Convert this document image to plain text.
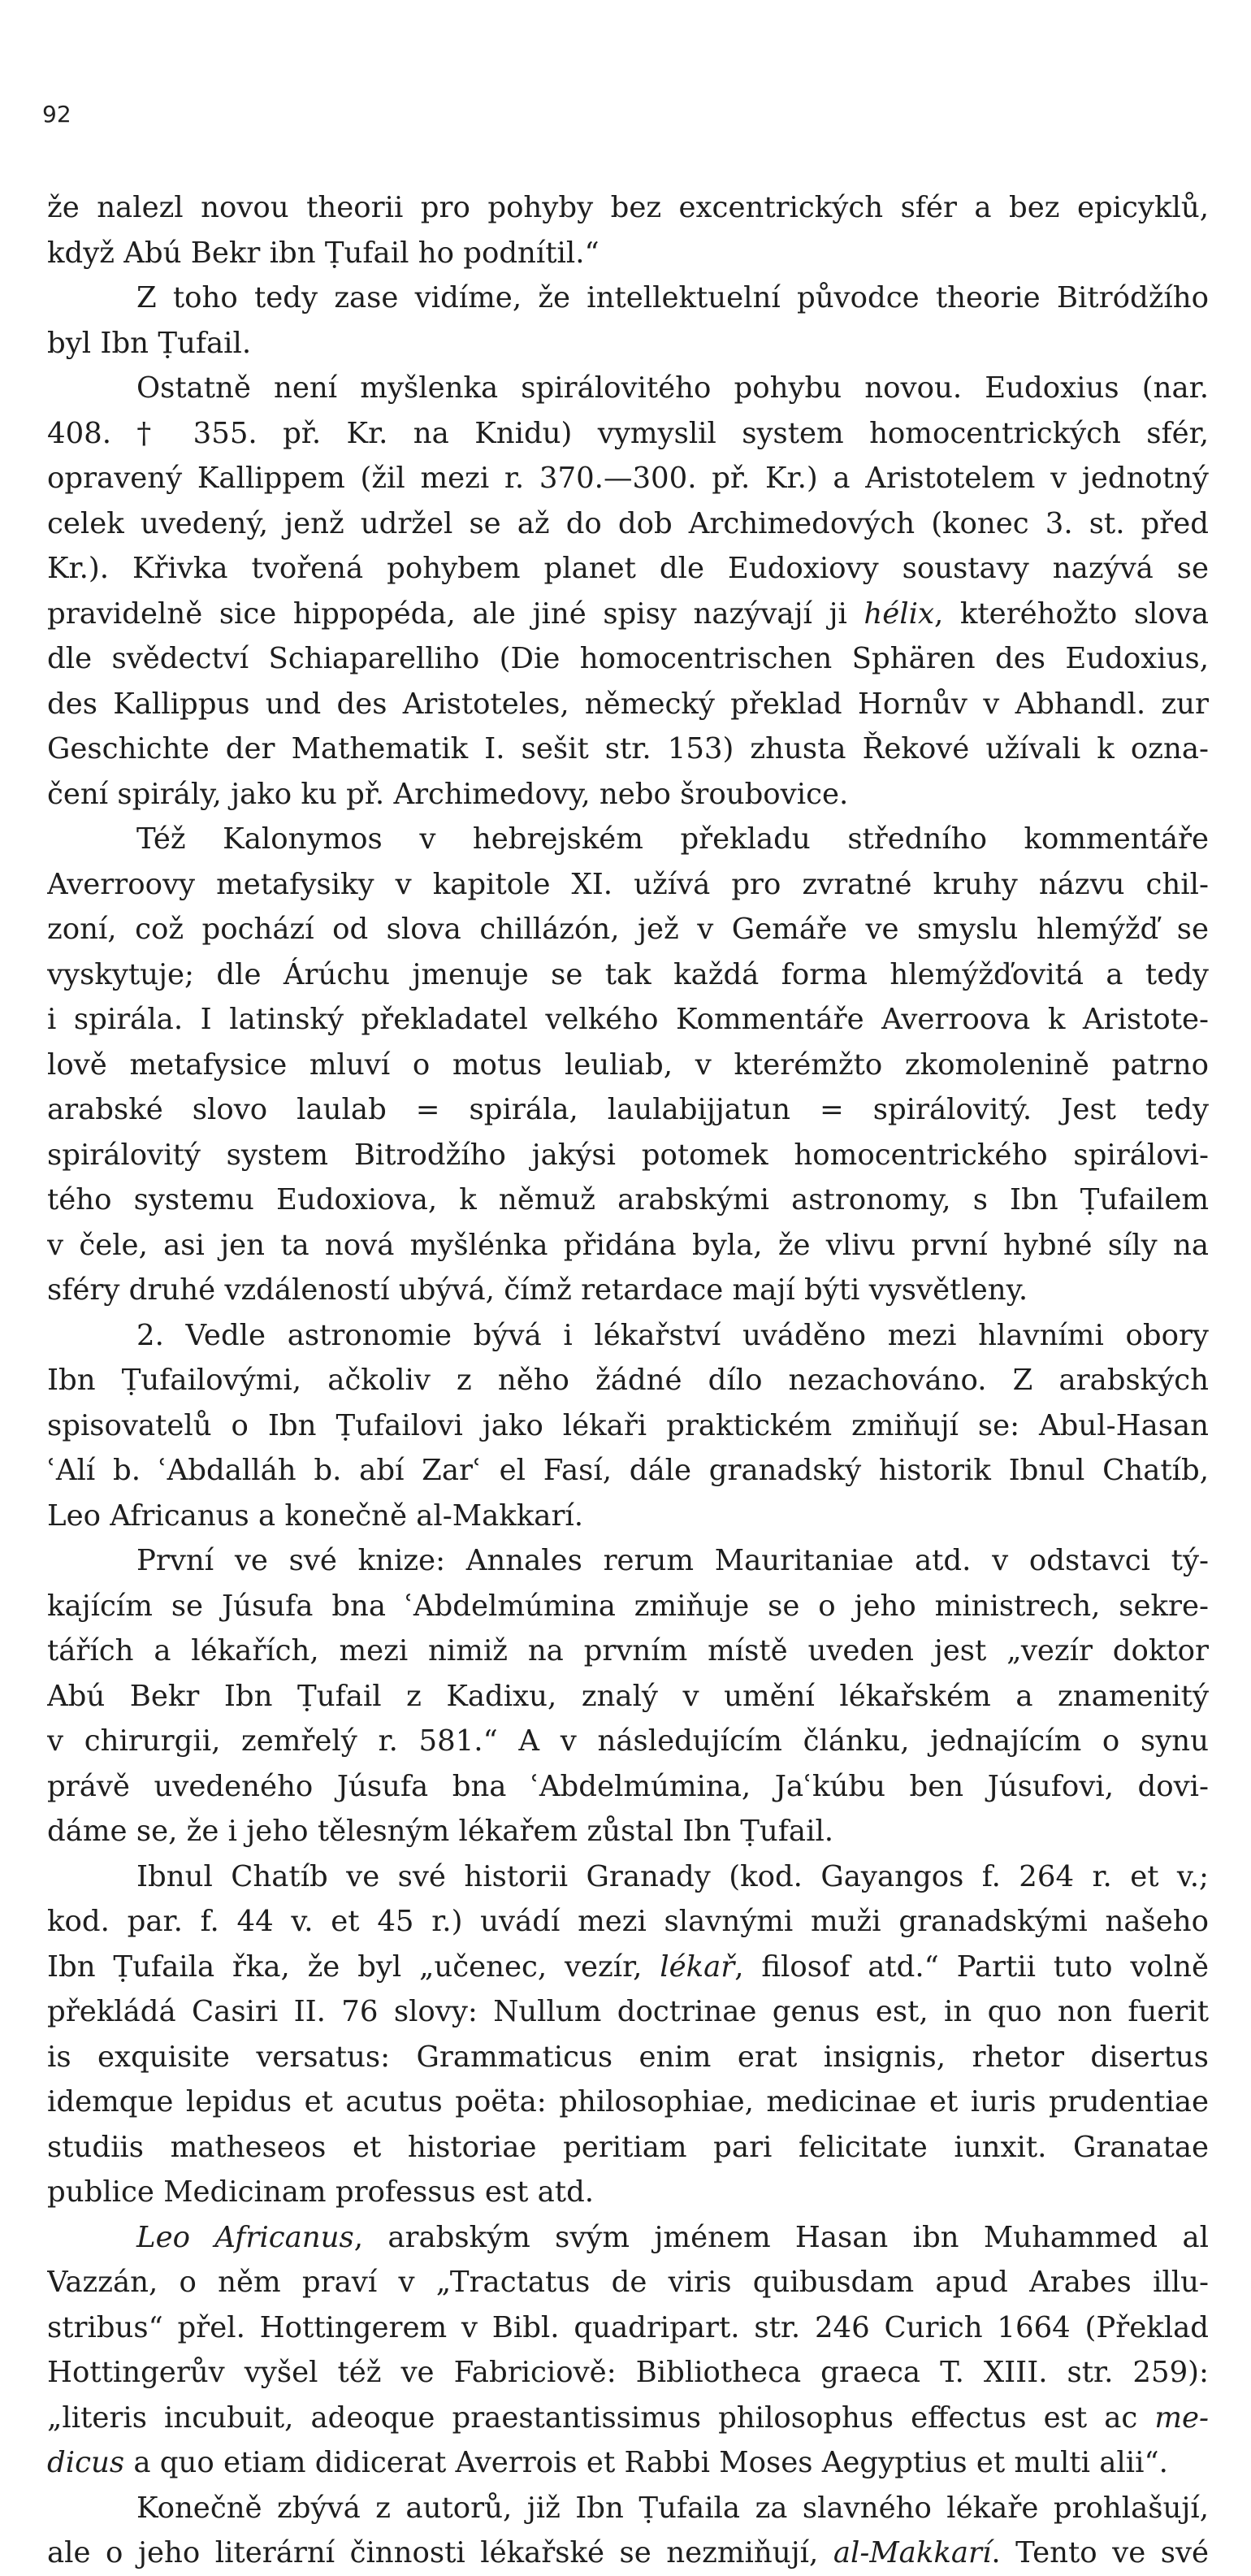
92
že nalezl novou theorii pro pohyby bez excentrických sfér a bez epicyklů,
když Abú Bekr ibn Ṭufail ho podnítil.“
Z toho tedy zase vidíme, že intellektuelní původce theorie Bitródžího
byl Ibn Ṭufail.
Ostatně není myšlenka spirálovitého pohybu novou. Eudoxius (nar.
408. † 355. př. Kr. na Knidu) vymyslil system homocentrických sfér,
opravený Kallippem (žil mezi r. 370.—300. př. Kr.) a Aristotelem v jednotný
celek uvedený, jenž udržel se až do dob Archimedových (konec 3. st. před
Kr.). Křivka tvořená pohybem planet dle Eudoxiovy soustavy nazývá se
pravidelně sice hippopéda, ale jiné spisy nazývají ji hélix, kteréhožto slova
dle svědectví Schiaparelliho (Die homocentrischen Sphären des Eudoxius,
des Kallippus und des Aristoteles, německý překlad Hornův v Abhandl. zur
Geschichte der Mathematik I. sešit str. 153) zhusta Řekové užívali k ozna-
čení spirály, jako ku př. Archimedovy, nebo šroubovice.
Též Kalonymos v hebrejském překladu středního kommentáře
Averroovy metafysiky v kapitole XI. užívá pro zvratné kruhy názvu chil-
zoní, což pochází od slova chillázón, jež v Gemáře ve smyslu hlemýžď se
vyskytuje; dle Árúchu jmenuje se tak každá forma hlemýžďovitá a tedy
i spirála. I latinský překladatel velkého Kommentáře Averroova k Aristote-
lově metafysice mluví o motus leuliab, v kterémžto zkomolenině patrno
arabské slovo laulab = spirála, laulabijjatun = spirálovitý. Jest tedy
spirálovitý system Bitrodžího jakýsi potomek homocentrického spirálovi-
tého systemu Eudoxiova, k němuž arabskými astronomy, s Ibn Ṭufailem
v čele, asi jen ta nová myšlénka přidána byla, že vlivu první hybné síly na
sféry druhé vzdáleností ubývá, čímž retardace mají býti vysvětleny.
2. Vedle astronomie bývá i lékařství uváděno mezi hlavními obory
Ibn Ṭufailovými, ačkoliv z něho žádné dílo nezachováno. Z arabských
spisovatelů o Ibn Ṭufailovi jako lékaři praktickém zmiňují se: Abul-Hasan
ʿAlí b. ʿAbdalláh b. abí Zarʿ el Fasí, dále granadský historik Ibnul Chatíb,
Leo Africanus a konečně al-Makkarí.
První ve své knize: Annales rerum Mauritaniae atd. v odstavci tý-
kajícím se Júsufa bna ʿAbdelmúmina zmiňuje se o jeho ministrech, sekre-
tářích a lékařích, mezi nimiž na prvním místě uveden jest „vezír doktor
Abú Bekr Ibn Ṭufail z Kadixu, znalý v umění lékařském a znamenitý
v chirurgii, zemřelý r. 581.“ A v následujícím článku, jednajícím o synu
právě uvedeného Júsufa bna ʿAbdelmúmina, Jaʿkúbu ben Júsufovi, dovi-
dáme se, že i jeho tělesným lékařem zůstal Ibn Ṭufail.
Ibnul Chatíb ve své historii Granady (kod. Gayangos f. 264 r. et v.;
kod. par. f. 44 v. et 45 r.) uvádí mezi slavnými muži granadskými našeho
Ibn Ṭufaila řka, že byl „učenec, vezír, lékař, filosof atd.“ Partii tuto volně
překládá Casiri II. 76 slovy: Nullum doctrinae genus est, in quo non fuerit
is exquisite versatus: Grammaticus enim erat insignis, rhetor disertus
idemque lepidus et acutus poëta: philosophiae, medicinae et iuris prudentiae
studiis matheseos et historiae peritiam pari felicitate iunxit. Granatae
publice Medicinam professus est atd.
Leo Africanus, arabským svým jménem Hasan ibn Muhammed al
Vazzán, o něm praví v „Tractatus de viris quibusdam apud Arabes illu-
stribus“ přel. Hottingerem v Bibl. quadripart. str. 246 Curich 1664 (Překlad
Hottingerův vyšel též ve Fabriciově: Bibliotheca graeca T. XIII. str. 259):
„literis incubuit, adeoque praestantissimus philosophus effectus est ac me-
dicus a quo etiam didicerat Averrois et Rabbi Moses Aegyptius et multi alii“.
Konečně zbývá z autorů, již Ibn Ṭufaila za slavného lékaře prohlašují,
ale o jeho literární činnosti lékařské se nezmiňují, al-Makkarí. Tento ve své
